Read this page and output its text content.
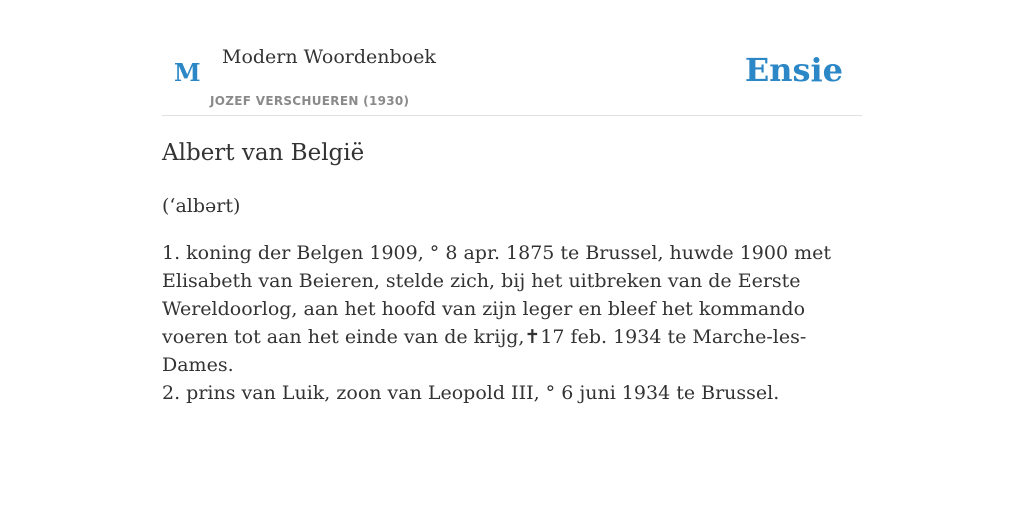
M
Modern Woordenboek
JOZEF VERSCHUEREN (1930)
Ensie
Albert van België
(ʻalbərt)
1. koning der Belgen 1909, ° 8 apr. 1875 te Brussel, huwde 1900 met Elisabeth van Beieren, stelde zich, bij het uitbreken van de Eerste Wereldoorlog, aan het hoofd van zijn leger en bleef het kommando voeren tot aan het einde van de krijg,✝17 feb. 1934 te Marche-les-Dames.
2. prins van Luik, zoon van Leopold III, ° 6 juni 1934 te Brussel.
